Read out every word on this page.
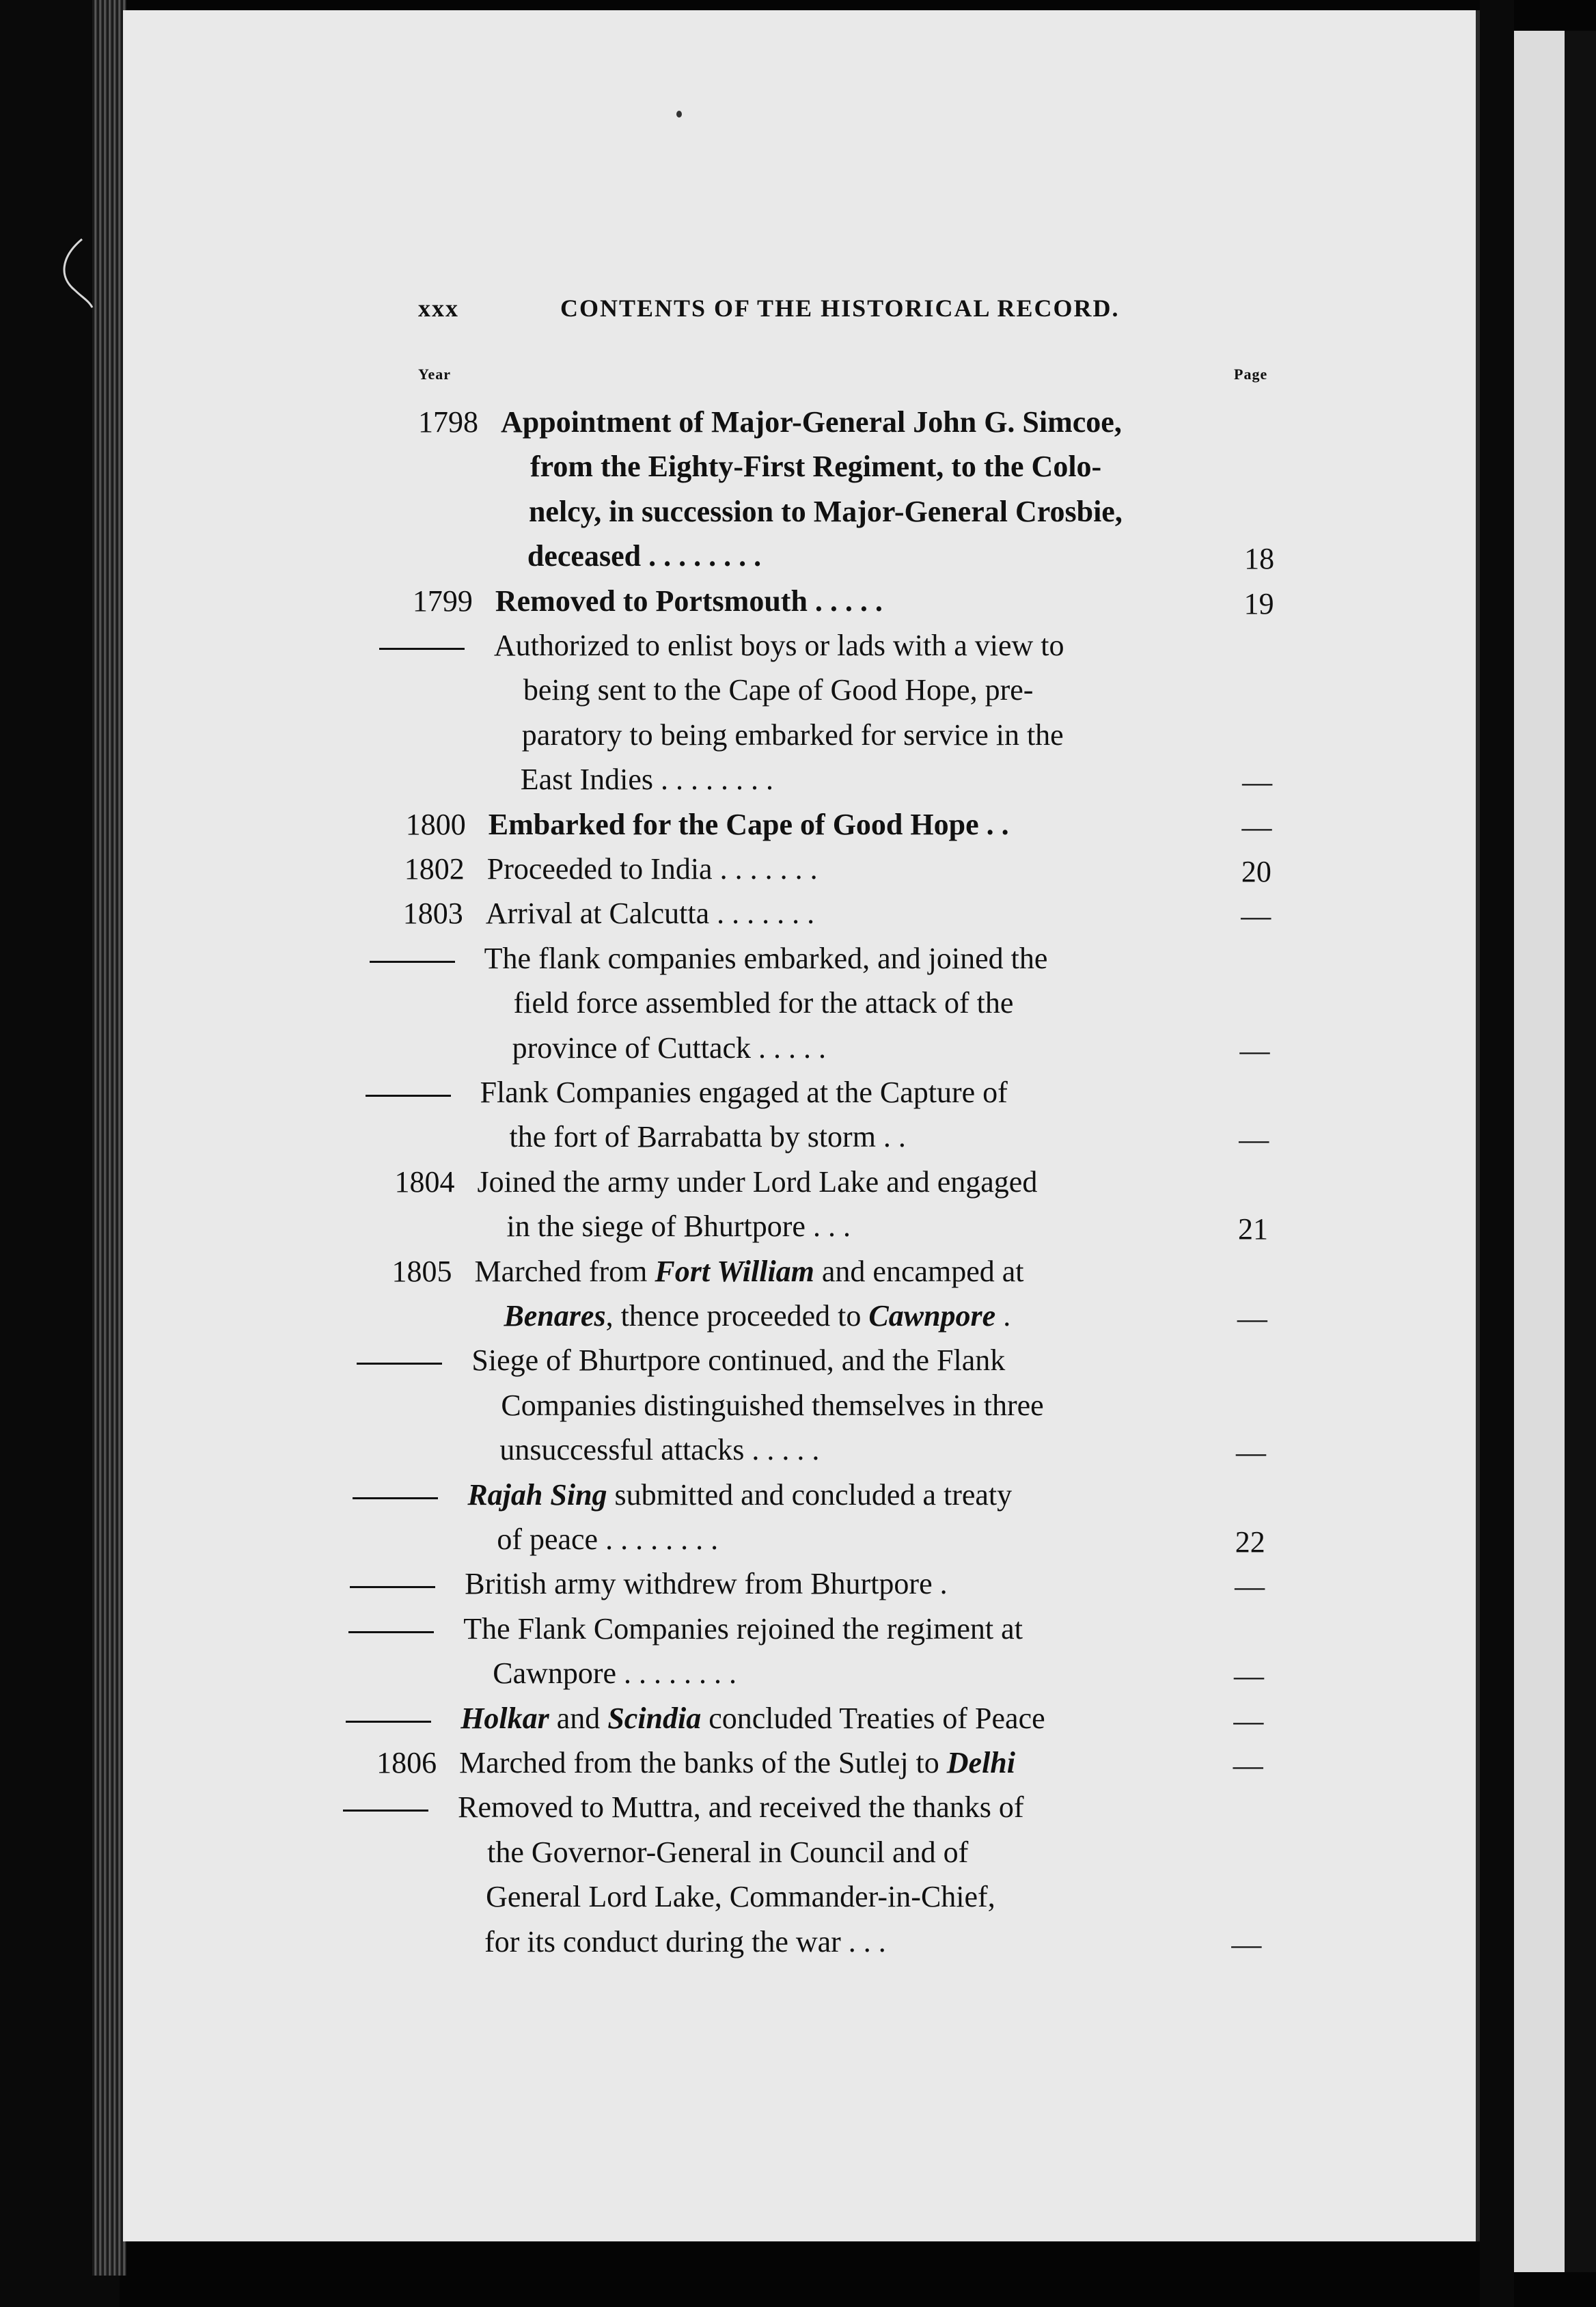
xxx	CONTENTS OF THE HISTORICAL RECORD.
Year	Page
1798 Appointment of Major-General John G. Simcoe,
from the Eighty-First Regiment, to the Colo-
nelcy, in succession to Major-General Crosbie,
deceased . . . . . . . .	18
1799 Removed to Portsmouth . . . . .	19
Authorized to enlist boys or lads with a view to
being sent to the Cape of Good Hope, pre-
paratory to being embarked for service in the
East Indies . . . . . . . .	—
1800 Embarked for the Cape of Good Hope . .	—
1802 Proceeded to India . . . . . . .	20
1803 Arrival at Calcutta . . . . . . .	—
The flank companies embarked, and joined the
field force assembled for the attack of the
province of Cuttack . . . . .	—
Flank Companies engaged at the Capture of
the fort of Barrabatta by storm . .	—
1804 Joined the army under Lord Lake and engaged
in the siege of Bhurtpore . . .	21
1805 Marched from Fort William and encamped at
Benares, thence proceeded to Cawnpore .	—
Siege of Bhurtpore continued, and the Flank
Companies distinguished themselves in three
unsuccessful attacks . . . . .	—
Rajah Sing submitted and concluded a treaty
of peace . . . . . . . .	22
British army withdrew from Bhurtpore .	—
The Flank Companies rejoined the regiment at
Cawnpore . . . . . . . .	—
Holkar and Scindia concluded Treaties of Peace	—
1806 Marched from the banks of the Sutlej to Delhi	—
Removed to Muttra, and received the thanks of
the Governor-General in Council and of
General Lord Lake, Commander-in-Chief,
for its conduct during the war . . .	—
